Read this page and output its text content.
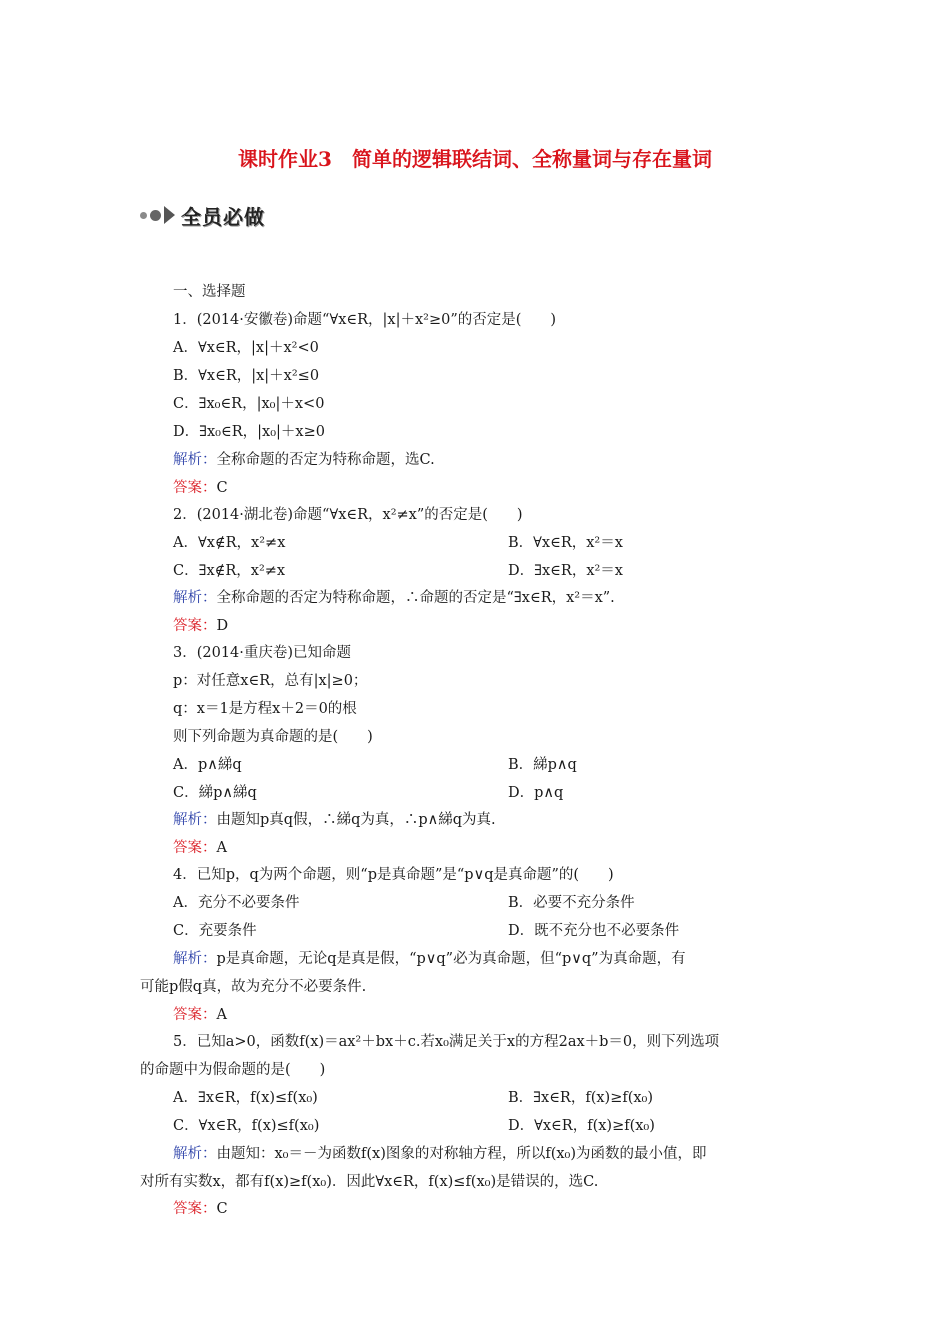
课时作业3　简单的逻辑联结词、全称量词与存在量词
全员必做
一、选择题
1．(2014·安徽卷)命题“∀x∈R，|x|＋x²≥0”的否定是(　　)
A．∀x∈R，|x|＋x²<0
B．∀x∈R，|x|＋x²≤0
C．∃x₀∈R，|x₀|＋x<0
D．∃x₀∈R，|x₀|＋x≥0
解析：全称命题的否定为特称命题，选C.
答案：C
2．(2014·湖北卷)命题“∀x∈R，x²≠x”的否定是(　　)
A．∀x∉R，x²≠x	B．∀x∈R，x²＝x
C．∃x∉R，x²≠x	D．∃x∈R，x²＝x
解析：全称命题的否定为特称命题，∴命题的否定是“∃x∈R，x²＝x”.
答案：D
3．(2014·重庆卷)已知命题
p：对任意x∈R，总有|x|≥0；
q：x＝1是方程x＋2＝0的根
则下列命题为真命题的是(　　)
A．p∧綈q	B．綈p∧q
C．綈p∧綈q	D．p∧q
解析：由题知p真q假，∴綈q为真，∴p∧綈q为真.
答案：A
4．已知p，q为两个命题，则“p是真命题”是“p∨q是真命题”的(　　)
A．充分不必要条件	B．必要不充分条件
C．充要条件	D．既不充分也不必要条件
解析：p是真命题，无论q是真是假，“p∨q”必为真命题，但“p∨q”为真命题，有
可能p假q真，故为充分不必要条件.
答案：A
5．已知a>0，函数f(x)＝ax²＋bx＋c.若x₀满足关于x的方程2ax＋b＝0，则下列选项
的命题中为假命题的是(　　)
A．∃x∈R，f(x)≤f(x₀)	B．∃x∈R，f(x)≥f(x₀)
C．∀x∈R，f(x)≤f(x₀)	D．∀x∈R，f(x)≥f(x₀)
解析：由题知：x₀＝－为函数f(x)图象的对称轴方程，所以f(x₀)为函数的最小值，即
对所有实数x，都有f(x)≥f(x₀)．因此∀x∈R，f(x)≤f(x₀)是错误的，选C.
答案：C
